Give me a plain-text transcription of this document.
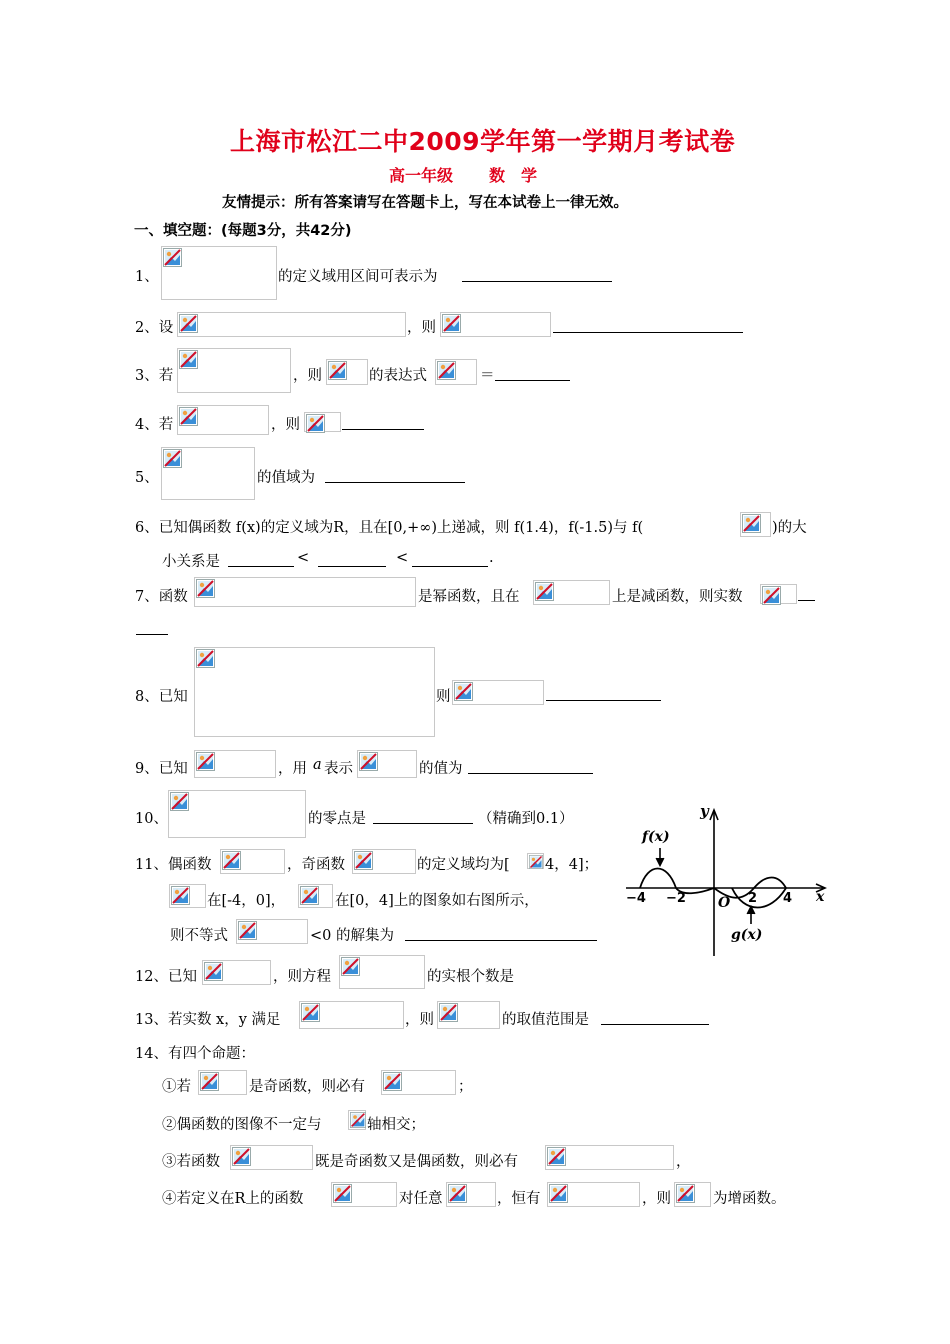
上海市松江二中2009学年第一学期月考试卷
高一年级 数　学
友情提示：所有答案请写在答题卡上，写在本试卷上一律无效。
一、填空题：(每题3分，共42分)
1、	的定义域用区间可表示为
2、设	，则
3、若	，则	的表达式	＝
4、若	，则
5、	的值域为
6、已知偶函数 f(x)的定义域为R，且在[0,+∞)上递减，则 f(1.4)，f(-1.5)与 f(	)的大
小关系是	<	<	.
7、函数	是幂函数，且在	上是减函数，则实数
8、已知	则
9、已知	，用 a 表示	的值为
10、	的零点是	（精确到0.1）
11、偶函数	，奇函数	的定义域均为[ 4，4]；
在[-4，0]，	在[0，4]上的图象如右图所示，
则不等式	<0 的解集为
y
x
f(x)
g(x)
O
−4 −2	2 4
12、已知	，则方程	的实根个数是
13、若实数 x，y 满足	，则	的取值范围是
14、有四个命题：
①若	是奇函数，则必有	；
②偶函数的图像不一定与	轴相交；
③若函数	既是奇函数又是偶函数，则必有	，
④若定义在R上的函数	对任意	，恒有	，则	为增函数。
